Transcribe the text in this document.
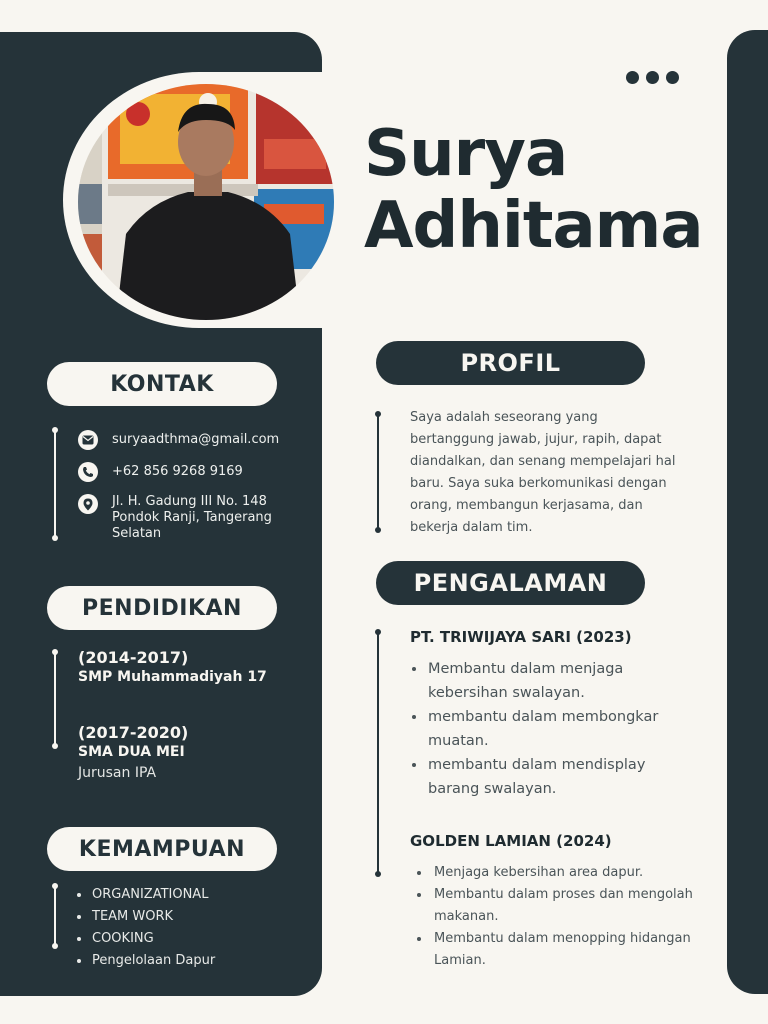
Surya
Adhitama
KONTAK
suryaadthma@gmail.com
+62 856 9268 9169
Jl. H. Gadung III No. 148
Pondok Ranji, Tangerang
Selatan
PENDIDIKAN
(2014-2017)
SMP Muhammadiyah 17
(2017-2020)
SMA DUA MEI
Jurusan IPA
KEMAMPUAN
ORGANIZATIONAL
TEAM WORK
COOKING
Pengelolaan Dapur
PROFIL
Saya adalah seseorang yang
bertanggung jawab, jujur, rapih, dapat
diandalkan, dan senang mempelajari hal
baru. Saya suka berkomunikasi dengan
orang, membangun kerjasama, dan
bekerja dalam tim.
PENGALAMAN
PT. TRIWIJAYA SARI (2023)
Membantu dalam menjaga
kebersihan swalayan.
membantu dalam membongkar
muatan.
membantu dalam mendisplay
barang swalayan.
GOLDEN LAMIAN (2024)
Menjaga kebersihan area dapur.
Membantu dalam proses dan mengolah
makanan.
Membantu dalam menopping hidangan
Lamian.
